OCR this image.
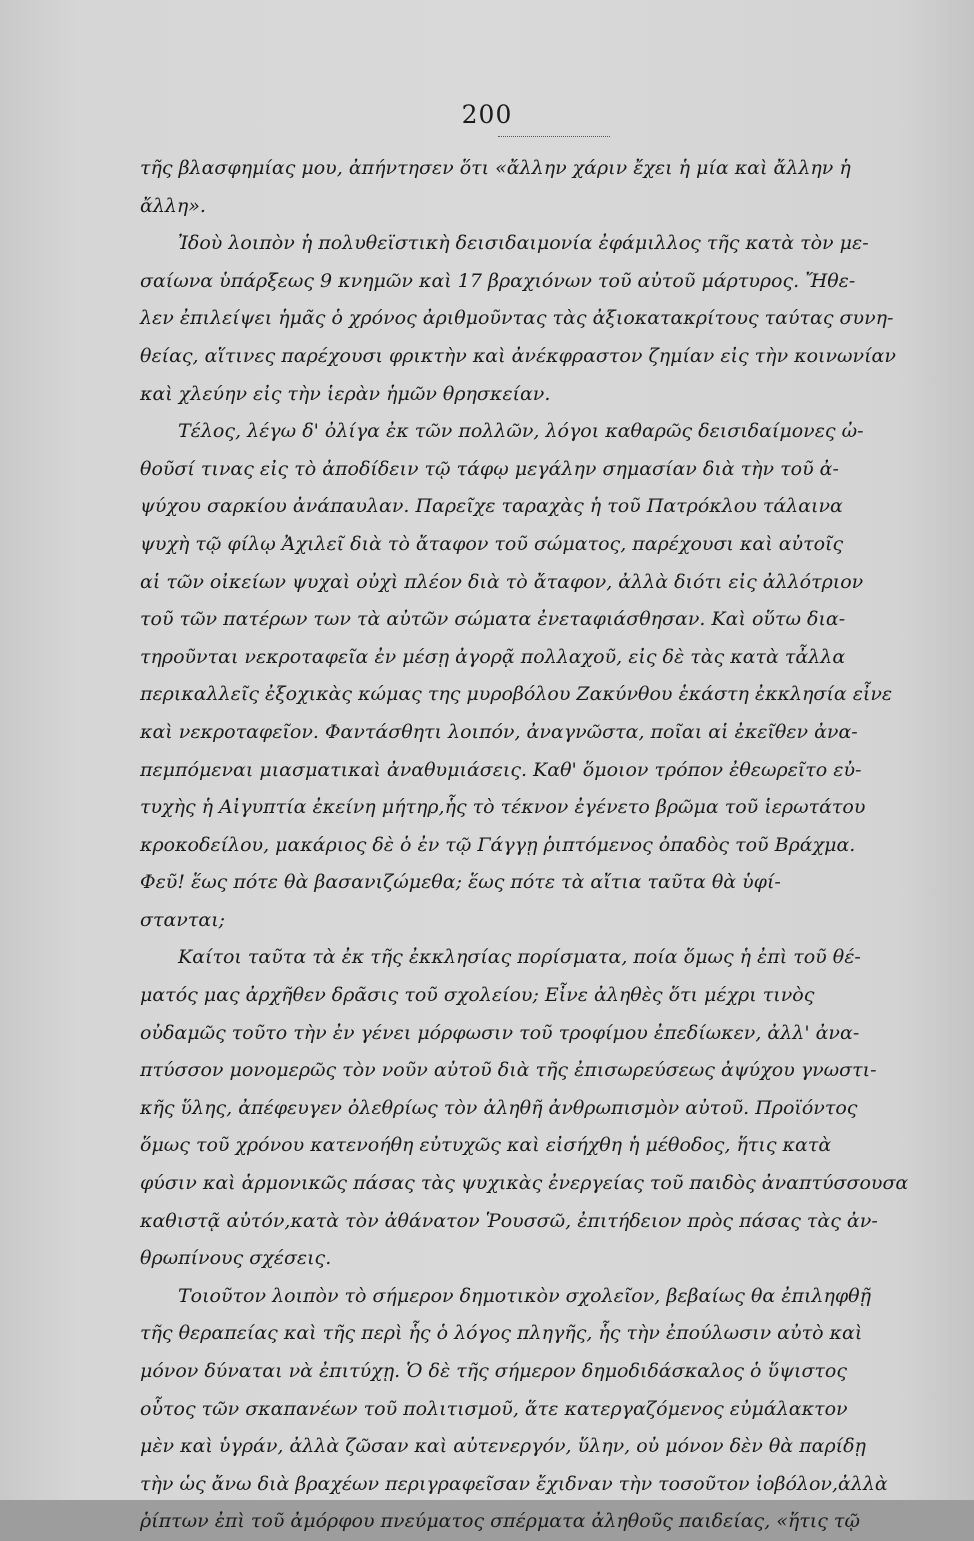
200
τῆς βλασφημίας μου, ἀπήντησεν ὅτι «ἄλλην χάριν ἔχει ἡ μία καὶ ἄλλην ἡ
ἄλλη».
Ἰδοὺ λοιπὸν ἡ πολυθεϊστικὴ δεισιδαιμονία ἐφάμιλλος τῆς κατὰ τὸν με-
σαίωνα ὑπάρξεως 9 κνημῶν καὶ 17 βραχιόνων τοῦ αὐτοῦ μάρτυρος. Ἤθε-
λεν ἐπιλείψει ἡμᾶς ὁ χρόνος ἀριθμοῦντας τὰς ἀξιοκατακρίτους ταύτας συνη-
θείας, αἵτινες παρέχουσι φρικτὴν καὶ ἀνέκφραστον ζημίαν εἰς τὴν κοινωνίαν
καὶ χλεύην εἰς τὴν ἱερὰν ἡμῶν θρησκείαν.
Τέλος, λέγω δ' ὀλίγα ἐκ τῶν πολλῶν, λόγοι καθαρῶς δεισιδαίμονες ὠ-
θοῦσί τινας εἰς τὸ ἀποδίδειν τῷ τάφῳ μεγάλην σημασίαν διὰ τὴν τοῦ ἀ-
ψύχου σαρκίου ἀνάπαυλαν. Παρεῖχε ταραχὰς ἡ τοῦ Πατρόκλου τάλαινα
ψυχὴ τῷ φίλῳ Ἀχιλεῖ διὰ τὸ ἄταφον τοῦ σώματος, παρέχουσι καὶ αὐτοῖς
αἱ τῶν οἰκείων ψυχαὶ οὐχὶ πλέον διὰ τὸ ἄταφον, ἀλλὰ διότι εἰς ἀλλότριον
τοῦ τῶν πατέρων των τὰ αὐτῶν σώματα ἐνεταφιάσθησαν. Καὶ οὕτω δια-
τηροῦνται νεκροταφεῖα ἐν μέσῃ ἀγορᾷ πολλαχοῦ, εἰς δὲ τὰς κατὰ τἆλλα
περικαλλεῖς ἐξοχικὰς κώμας της μυροβόλου Ζακύνθου ἑκάστη ἐκκλησία εἶνε
καὶ νεκροταφεῖον. Φαντάσθητι λοιπόν, ἀναγνῶστα, ποῖαι αἱ ἐκεῖθεν ἀνα-
πεμπόμεναι μιασματικαὶ ἀναθυμιάσεις. Καθ' ὅμοιον τρόπον ἐθεωρεῖτο εὐ-
τυχὴς ἡ Αἰγυπτία ἐκείνη μήτηρ,ἧς τὸ τέκνον ἐγένετο βρῶμα τοῦ ἱερωτάτου
κροκοδείλου, μακάριος δὲ ὁ ἐν τῷ Γάγγῃ ῥιπτόμενος ὀπαδὸς τοῦ Βράχμα.
Φεῦ! ἕως πότε θὰ βασανιζώμεθα; ἕως πότε τὰ αἴτια ταῦτα θὰ ὑφί-
στανται;
Καίτοι ταῦτα τὰ ἐκ τῆς ἐκκλησίας πορίσματα, ποία ὅμως ἡ ἐπὶ τοῦ θέ-
ματός μας ἀρχῆθεν δρᾶσις τοῦ σχολείου; Εἶνε ἀληθὲς ὅτι μέχρι τινὸς
οὐδαμῶς τοῦτο τὴν ἐν γένει μόρφωσιν τοῦ τροφίμου ἐπεδίωκεν, ἀλλ' ἀνα-
πτύσσον μονομερῶς τὸν νοῦν αὐτοῦ διὰ τῆς ἐπισωρεύσεως ἀψύχου γνωστι-
κῆς ὕλης, ἀπέφευγεν ὀλεθρίως τὸν ἀληθῆ ἀνθρωπισμὸν αὐτοῦ. Προϊόντος
ὅμως τοῦ χρόνου κατενοήθη εὐτυχῶς καὶ εἰσήχθη ἡ μέθοδος, ἥτις κατὰ
φύσιν καὶ ἁρμονικῶς πάσας τὰς ψυχικὰς ἐνεργείας τοῦ παιδὸς ἀναπτύσσουσα
καθιστᾷ αὐτόν,κατὰ τὸν ἀθάνατον Ῥουσσῶ, ἐπιτήδειον πρὸς πάσας τὰς ἀν-
θρωπίνους σχέσεις.
Τοιοῦτον λοιπὸν τὸ σήμερον δημοτικὸν σχολεῖον, βεβαίως θα ἐπιληφθῇ
τῆς θεραπείας καὶ τῆς περὶ ἧς ὁ λόγος πληγῆς, ἧς τὴν ἐπούλωσιν αὐτὸ καὶ
μόνον δύναται νὰ ἐπιτύχῃ. Ὁ δὲ τῆς σήμερον δημοδιδάσκαλος ὁ ὕψιστος
οὗτος τῶν σκαπανέων τοῦ πολιτισμοῦ, ἅτε κατεργαζόμενος εὐμάλακτον
μὲν καὶ ὑγράν, ἀλλὰ ζῶσαν καὶ αὐτενεργόν, ὕλην, οὐ μόνον δὲν θὰ παρίδῃ
τὴν ὡς ἄνω διὰ βραχέων περιγραφεῖσαν ἔχιδναν τὴν τοσοῦτον ἰοβόλον,ἀλλὰ
ῥίπτων ἐπὶ τοῦ ἀμόρφου πνεύματος σπέρματα ἀληθοῦς παιδείας, «ἥτις τῷ
